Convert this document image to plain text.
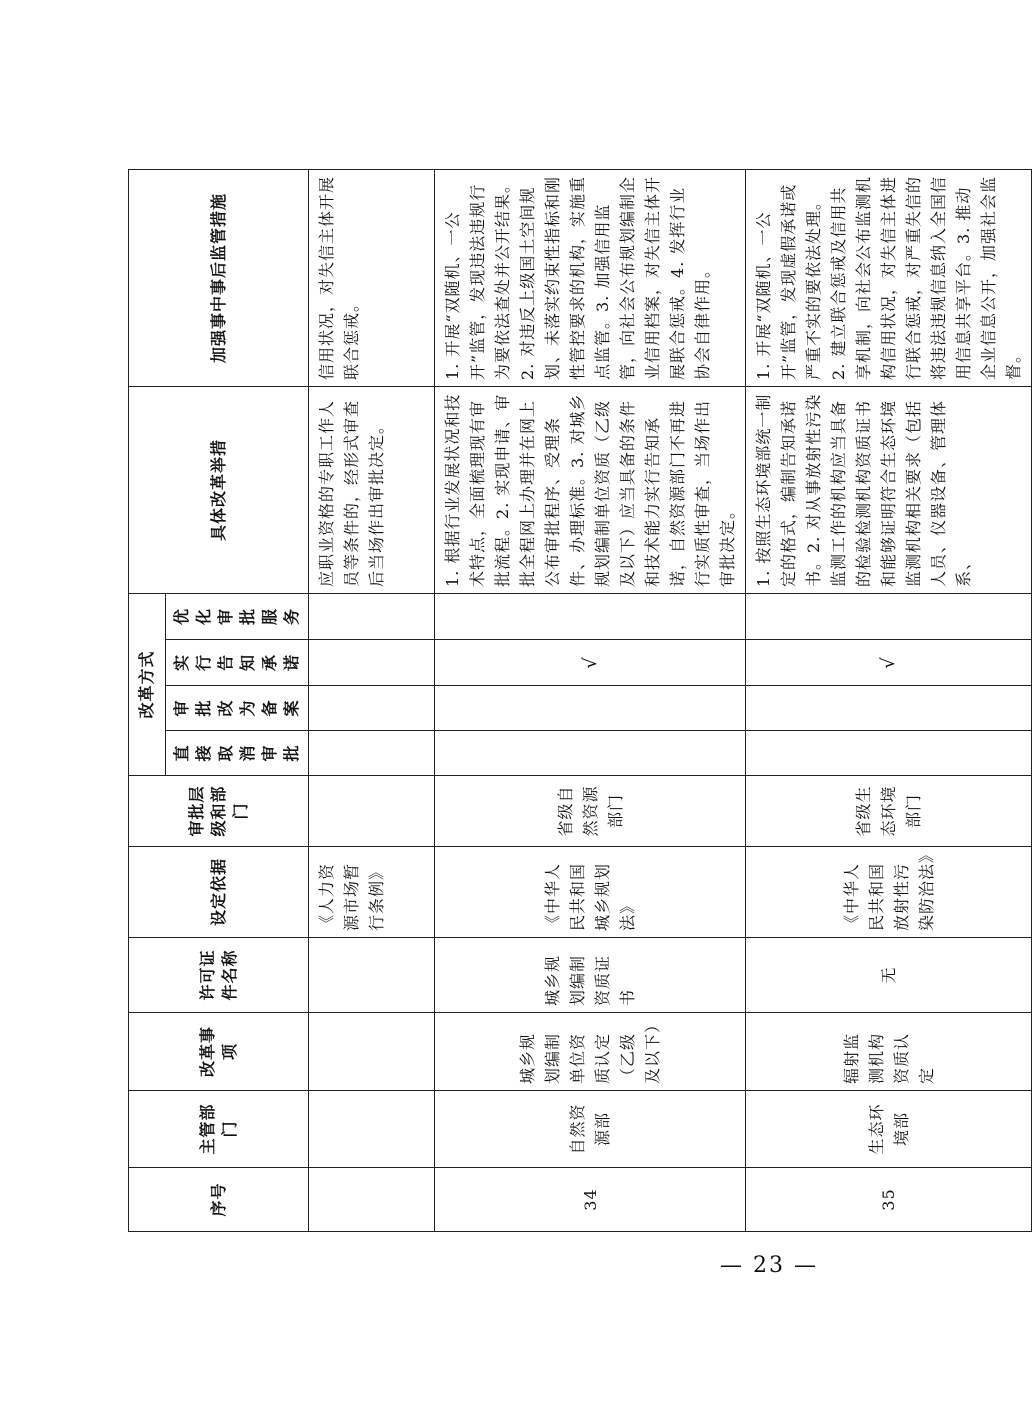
序号	主管部门	改革事项	许可证件名称	设定依据	审批层级和部门	改革方式				具体改革举措	加强事中事后监管措施
						直接取消审批	审批改为备案	实行告知承诺	优化审批服务		
				《人力资源市场暂行条例》						应职业资格的专职工作人员等条件的，经形式审查后当场作出审批决定。	信用状况，对失信主体开展联合惩戒。
34	自然资源部	城乡规划编制单位资质认定（乙级及以下）	城乡规划编制资质证书	《中华人民共和国城乡规划法》	省级自然资源部门			√		1. 根据行业发展状况和技术特点，全面梳理现有审批流程。2. 实现申请、审批全程网上办理并在网上公布审批程序、受理条件、办理标准。3. 对城乡规划编制单位资质（乙级及以下）应当具备的条件和技术能力实行告知承诺，自然资源部门不再进行实质性审查，当场作出审批决定。	1. 开展“双随机、一公开”监管，发现违法违规行为要依法查处并公开结果。2. 对违反上级国土空间规划、未落实约束性指标和刚性管控要求的机构，实施重点监管。3. 加强信用监管，向社会公布规划编制企业信用档案，对失信主体开展联合惩戒。4. 发挥行业协会自律作用。
35	生态环境部	辐射监测机构资质认定	无	《中华人民共和国放射性污染防治法》	省级生态环境部门			√		1. 按照生态环境部统一制定的格式，编制告知承诺书。2. 对从事放射性污染监测工作的机构应当具备的检验检测机构资质证书和能够证明符合生态环境监测机构相关要求（包括人员、仪器设备、管理体系、	1. 开展“双随机、一公开”监管，发现虚假承诺或严重不实的要依法处理。2. 建立联合惩戒及信用共享机制，向社会公布监测机构信用状况，对失信主体进行联合惩戒，对严重失信的将违法违规信息纳入全国信用信息共享平台。3. 推动企业信息公开，加强社会监督。
— 23 —
